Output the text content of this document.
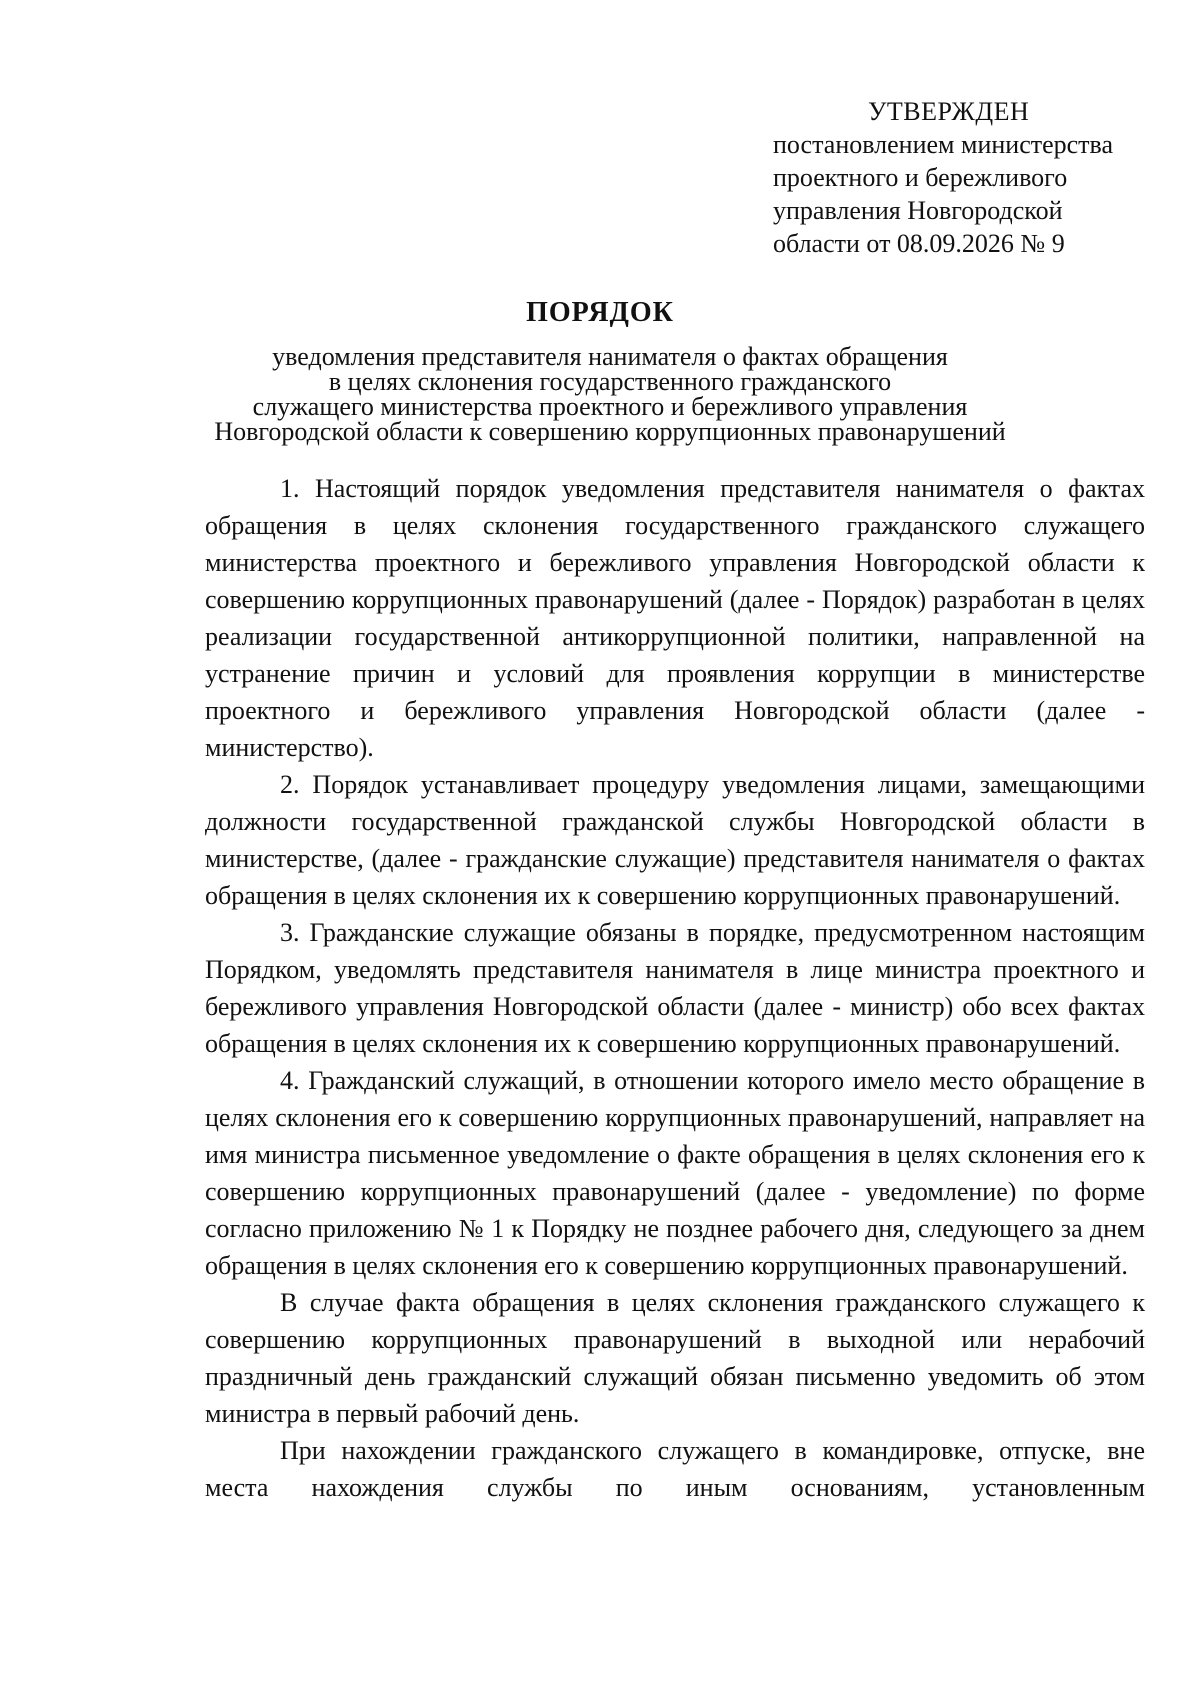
УТВЕРЖДЕН
постановлением министерства
проектного и бережливого
управления Новгородской
области от 08.09.2026 № 9
ПОРЯДОК
уведомления представителя нанимателя о фактах обращения
в целях склонения государственного гражданского
служащего министерства проектного и бережливого управления
Новгородской области к совершению коррупционных правонарушений

1. Настоящий порядок уведомления представителя нанимателя о фактах обращения в целях склонения государственного гражданского служащего министерства проектного и бережливого управления Новгородской области к совершению коррупционных правонарушений (далее - Порядок) разработан в целях реализации государственной антикоррупционной политики, направленной на устранение причин и условий для проявления коррупции в министерстве проектного и бережливого управления Новгородской области (далее - министерство).

2. Порядок устанавливает процедуру уведомления лицами, замещающими должности государственной гражданской службы Новгородской области в министерстве, (далее - гражданские служащие) представителя нанимателя о фактах обращения в целях склонения их к совершению коррупционных правонарушений.

3. Гражданские служащие обязаны в порядке, предусмотренном настоящим Порядком, уведомлять представителя нанимателя в лице министра проектного и бережливого управления Новгородской области (далее - министр) обо всех фактах обращения в целях склонения их к совершению коррупционных правонарушений.

4. Гражданский служащий, в отношении которого имело место обращение в целях склонения его к совершению коррупционных правонарушений, направляет на имя министра письменное уведомление о факте обращения в целях склонения его к совершению коррупционных правонарушений (далее - уведомление) по форме согласно приложению № 1 к Порядку не позднее рабочего дня, следующего за днем обращения в целях склонения его к совершению коррупционных правонарушений.

В случае факта обращения в целях склонения гражданского служащего к совершению коррупционных правонарушений в выходной или нерабочий праздничный день гражданский служащий обязан письменно уведомить об этом министра в первый рабочий день.

При нахождении гражданского служащего в командировке, отпуске, вне места нахождения службы по иным основаниям, установленным
